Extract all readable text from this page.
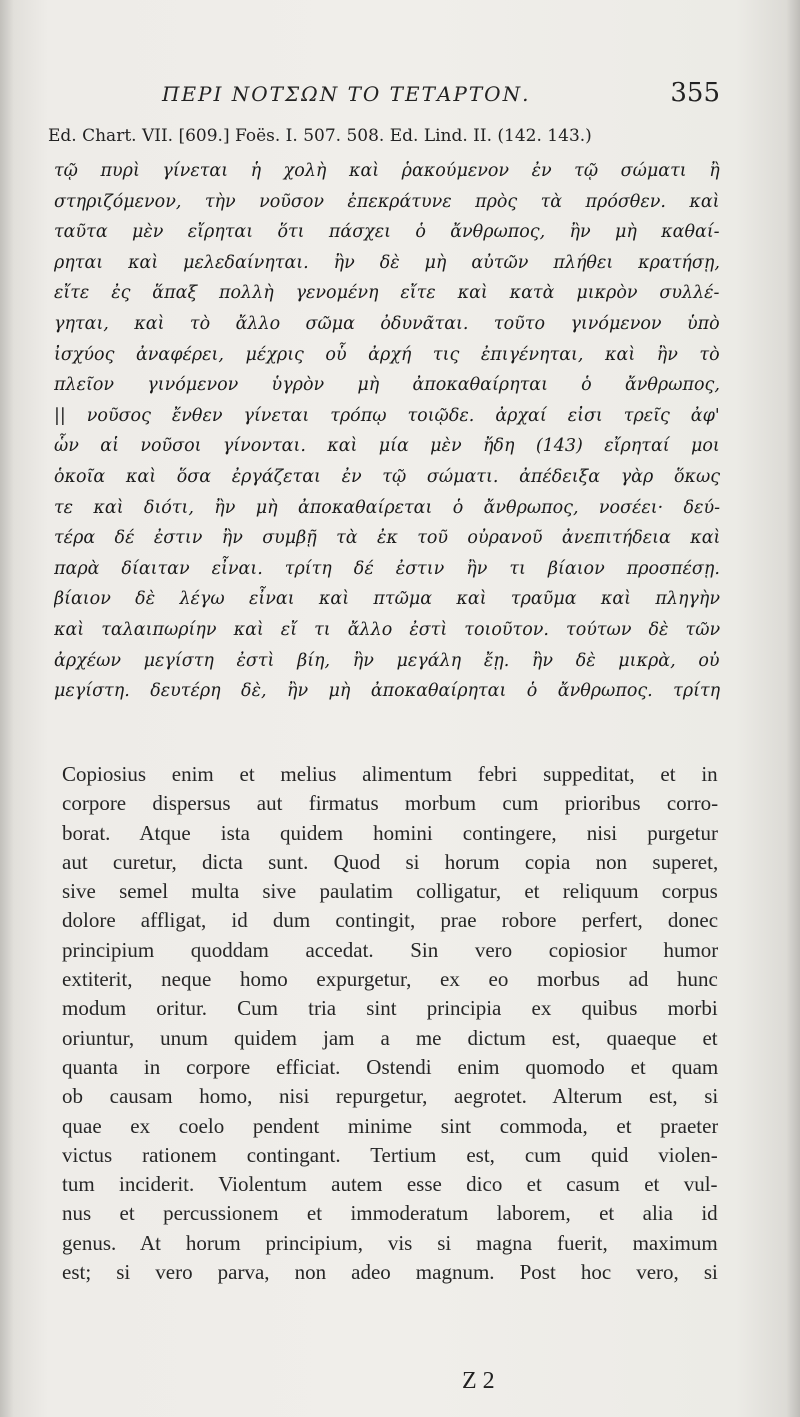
ΠΕΡΙ ΝΟΤΣΩΝ ΤΟ ΤΕΤΑΡΤΟΝ.	355
Ed. Chart. VII. [609.] Foës. I. 507. 508. Ed. Lind. II. (142. 143.)
τῷ πυρὶ γίνεται ἡ χολὴ καὶ ῥακούμενον ἐν τῷ σώματι ἢ
στηριζόμενον, τὴν νοῦσον ἐπεκράτυνε πρὸς τὰ πρόσθεν. καὶ
ταῦτα μὲν εἴρηται ὅτι πάσχει ὁ ἄνθρωπος, ἢν μὴ καθαί-
ρηται καὶ μελεδαίνηται. ἢν δὲ μὴ αὐτῶν πλήθει κρατήσῃ,
εἴτε ἐς ἅπαξ πολλὴ γενομένη εἴτε καὶ κατὰ μικρὸν συλλέ-
γηται, καὶ τὸ ἄλλο σῶμα ὀδυνᾶται. τοῦτο γινόμενον ὑπὸ
ἰσχύος ἀναφέρει, μέχρις οὗ ἀρχή τις ἐπιγένηται, καὶ ἢν τὸ
πλεῖον γινόμενον ὑγρὸν μὴ ἀποκαθαίρηται ὁ ἄνθρωπος,
|| νοῦσος ἔνθεν γίνεται τρόπῳ τοιῷδε. ἀρχαί εἰσι τρεῖς ἀφ'
ὧν αἱ νοῦσοι γίνονται. καὶ μία μὲν ἤδη (143) εἴρηταί μοι
ὁκοῖα καὶ ὅσα ἐργάζεται ἐν τῷ σώματι. ἀπέδειξα γὰρ ὅκως
τε καὶ διότι, ἢν μὴ ἀποκαθαίρεται ὁ ἄνθρωπος, νοσέει· δεύ-
τέρα δέ ἐστιν ἢν συμβῇ τὰ ἐκ τοῦ οὐρανοῦ ἀνεπιτήδεια καὶ
παρὰ δίαιταν εἶναι. τρίτη δέ ἐστιν ἢν τι βίαιον προσπέσῃ.
βίαιον δὲ λέγω εἶναι καὶ πτῶμα καὶ τραῦμα καὶ πληγὴν
καὶ ταλαιπωρίην καὶ εἴ τι ἄλλο ἐστὶ τοιοῦτον. τούτων δὲ τῶν
ἀρχέων μεγίστη ἐστὶ βίη, ἢν μεγάλη ἔῃ. ἢν δὲ μικρὰ, οὐ
μεγίστη. δευτέρη δὲ, ἢν μὴ ἀποκαθαίρηται ὁ ἄνθρωπος. τρίτη
Copiosius enim et melius alimentum febri suppeditat, et in
corpore dispersus aut firmatus morbum cum prioribus corro-
borat. Atque ista quidem homini contingere, nisi purgetur
aut curetur, dicta sunt. Quod si horum copia non superet,
sive semel multa sive paulatim colligatur, et reliquum corpus
dolore affligat, id dum contingit, prae robore perfert, donec
principium quoddam accedat. Sin vero copiosior humor
extiterit, neque homo expurgetur, ex eo morbus ad hunc
modum oritur. Cum tria sint principia ex quibus morbi
oriuntur, unum quidem jam a me dictum est, quaeque et
quanta in corpore efficiat. Ostendi enim quomodo et quam
ob causam homo, nisi repurgetur, aegrotet. Alterum est, si
quae ex coelo pendent minime sint commoda, et praeter
victus rationem contingant. Tertium est, cum quid violen-
tum inciderit. Violentum autem esse dico et casum et vul-
nus et percussionem et immoderatum laborem, et alia id
genus. At horum principium, vis si magna fuerit, maximum
est; si vero parva, non adeo magnum. Post hoc vero, si
Z 2
